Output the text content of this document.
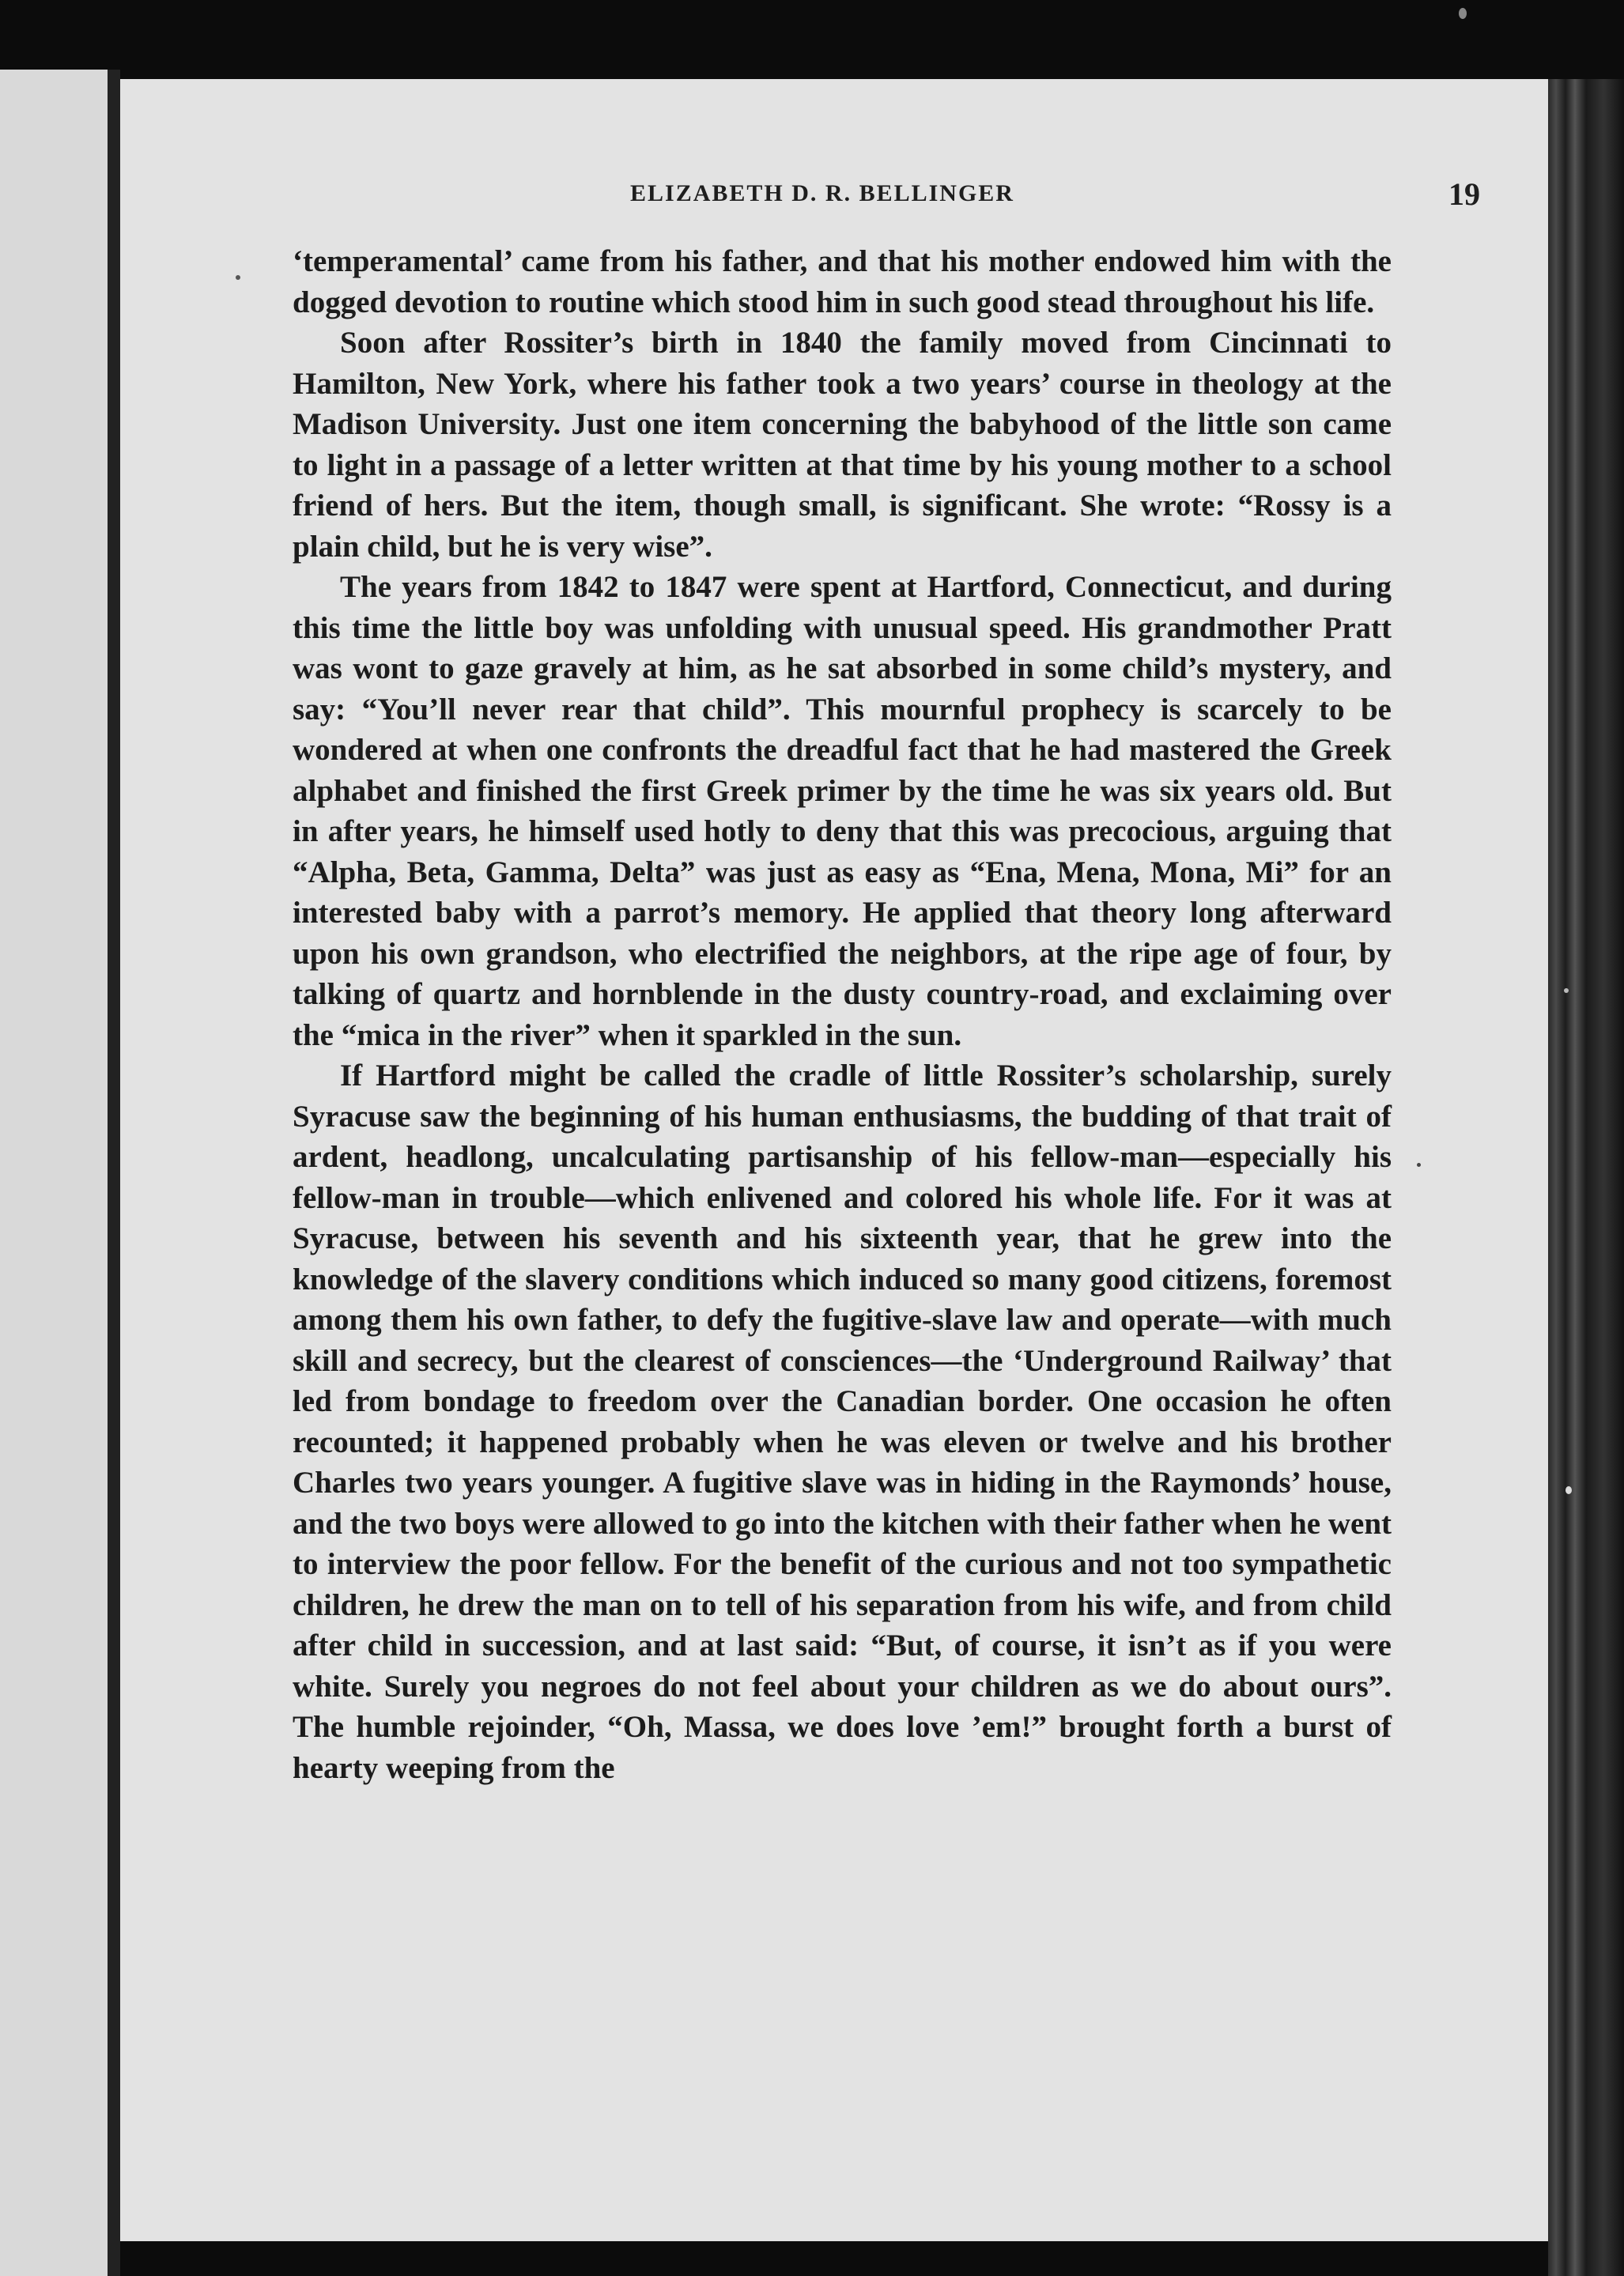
ELIZABETH D. R. BELLINGER	19

‘temperamental’ came from his father, and that his mother endowed him with the dogged devotion to routine which stood him in such good stead throughout his life.

Soon after Rossiter’s birth in 1840 the family moved from Cincinnati to Hamilton, New York, where his father took a two years’ course in theology at the Madison University. Just one item concerning the babyhood of the little son came to light in a passage of a letter written at that time by his young mother to a school friend of hers. But the item, though small, is significant. She wrote: “Rossy is a plain child, but he is very wise”.

The years from 1842 to 1847 were spent at Hartford, Connecticut, and during this time the little boy was unfolding with unusual speed. His grandmother Pratt was wont to gaze gravely at him, as he sat absorbed in some child’s mystery, and say: “You’ll never rear that child”. This mournful prophecy is scarcely to be wondered at when one confronts the dreadful fact that he had mastered the Greek alphabet and finished the first Greek primer by the time he was six years old. But in after years, he himself used hotly to deny that this was precocious, arguing that “Alpha, Beta, Gamma, Delta” was just as easy as “Ena, Mena, Mona, Mi” for an interested baby with a parrot’s memory. He applied that theory long afterward upon his own grandson, who electrified the neighbors, at the ripe age of four, by talking of quartz and hornblende in the dusty country-road, and exclaiming over the “mica in the river” when it sparkled in the sun.

If Hartford might be called the cradle of little Rossiter’s scholarship, surely Syracuse saw the beginning of his human enthusiasms, the budding of that trait of ardent, headlong, uncalculating partisanship of his fellow-man—especially his fellow-man in trouble—which enlivened and colored his whole life. For it was at Syracuse, between his seventh and his sixteenth year, that he grew into the knowledge of the slavery conditions which induced so many good citizens, foremost among them his own father, to defy the fugitive-slave law and operate—with much skill and secrecy, but the clearest of consciences—the ‘Underground Railway’ that led from bondage to freedom over the Canadian border. One occasion he often recounted; it happened probably when he was eleven or twelve and his brother Charles two years younger. A fugitive slave was in hiding in the Raymonds’ house, and the two boys were allowed to go into the kitchen with their father when he went to interview the poor fellow. For the benefit of the curious and not too sympathetic children, he drew the man on to tell of his separation from his wife, and from child after child in succession, and at last said: “But, of course, it isn’t as if you were white. Surely you negroes do not feel about your children as we do about ours”. The humble rejoinder, “Oh, Massa, we does love ’em!” brought forth a burst of hearty weeping from the
